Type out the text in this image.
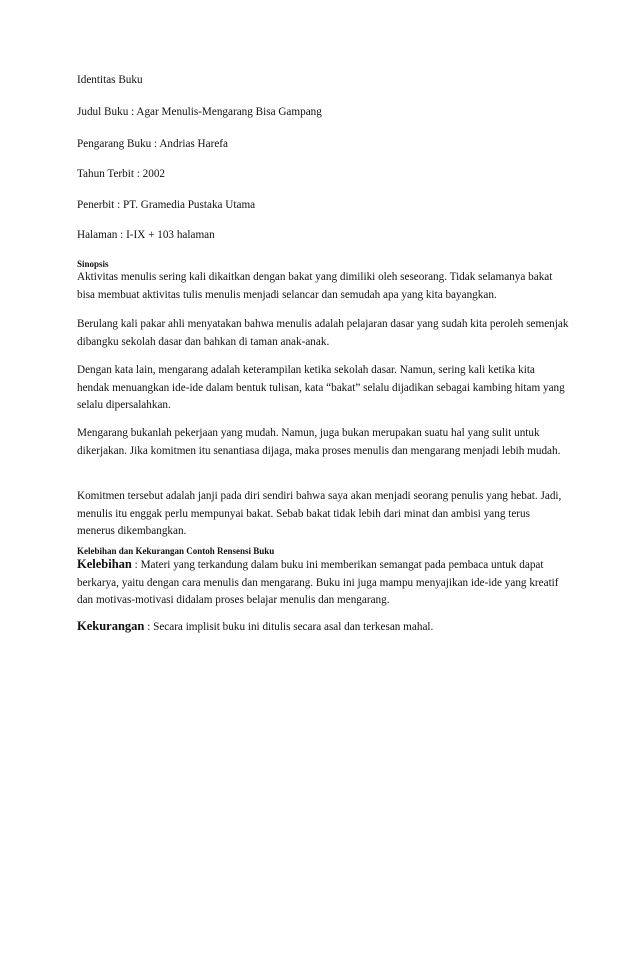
Identitas Buku
Judul Buku : Agar Menulis-Mengarang Bisa Gampang
Pengarang Buku : Andrias Harefa
Tahun Terbit : 2002
Penerbit : PT. Gramedia Pustaka Utama
Halaman : I-IX + 103 halaman
Sinopsis
Aktivitas menulis sering kali dikaitkan dengan bakat yang dimiliki oleh seseorang. Tidak selamanya bakat bisa membuat aktivitas tulis menulis menjadi selancar dan semudah apa yang kita bayangkan.
Berulang kali pakar ahli menyatakan bahwa menulis adalah pelajaran dasar yang sudah kita peroleh semenjak dibangku sekolah dasar dan bahkan di taman anak-anak.
Dengan kata lain, mengarang adalah keterampilan ketika sekolah dasar. Namun, sering kali ketika kita hendak menuangkan ide-ide dalam bentuk tulisan, kata “bakat” selalu dijadikan sebagai kambing hitam yang selalu dipersalahkan.
Mengarang bukanlah pekerjaan yang mudah. Namun, juga bukan merupakan suatu hal yang sulit untuk dikerjakan. Jika komitmen itu senantiasa dijaga, maka proses menulis dan mengarang menjadi lebih mudah.
Komitmen tersebut adalah janji pada diri sendiri bahwa saya akan menjadi seorang penulis yang hebat. Jadi, menulis itu enggak perlu mempunyai bakat. Sebab bakat tidak lebih dari minat dan ambisi yang terus menerus dikembangkan.
Kelebihan dan Kekurangan Contoh Rensensi Buku
Kelebihan : Materi yang terkandung dalam buku ini memberikan semangat pada pembaca untuk dapat berkarya, yaitu dengan cara menulis dan mengarang. Buku ini juga mampu menyajikan ide-ide yang kreatif dan motivas-motivasi didalam proses belajar menulis dan mengarang.
Kekurangan : Secara implisit buku ini ditulis secara asal dan terkesan mahal.
